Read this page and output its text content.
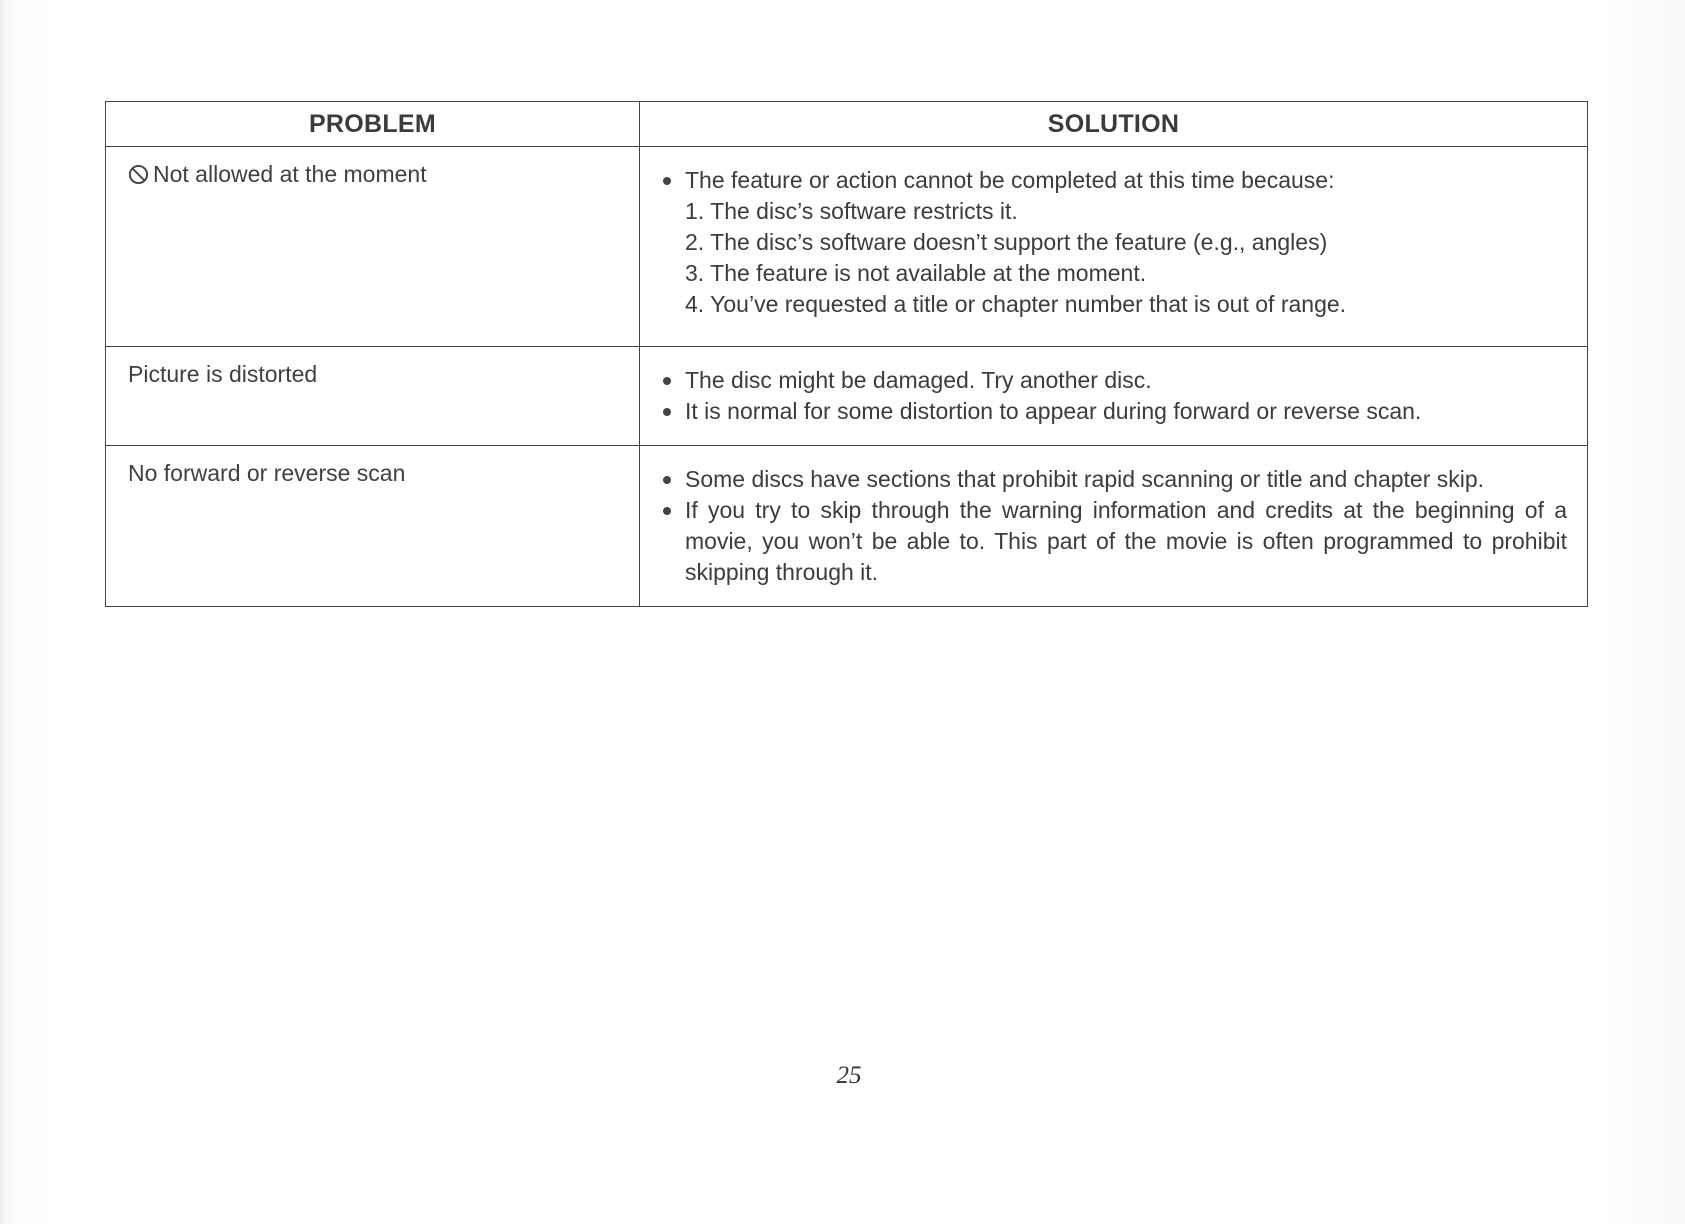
PROBLEM	SOLUTION
Not allowed at the moment	The feature or action cannot be completed at this time because:
1. The disc’s software restricts it.
2. The disc’s software doesn’t support the feature (e.g., angles)
3. The feature is not available at the moment.
4. You’ve requested a title or chapter number that is out of range.

Picture is distorted	The disc might be damaged. Try another disc.
It is normal for some distortion to appear during forward or reverse scan.

No forward or reverse scan	Some discs have sections that prohibit rapid scanning or title and chapter skip.
If you try to skip through the warning information and credits at the beginning of a movie, you won’t be able to. This part of the movie is often programmed to prohibit skipping through it.
25
